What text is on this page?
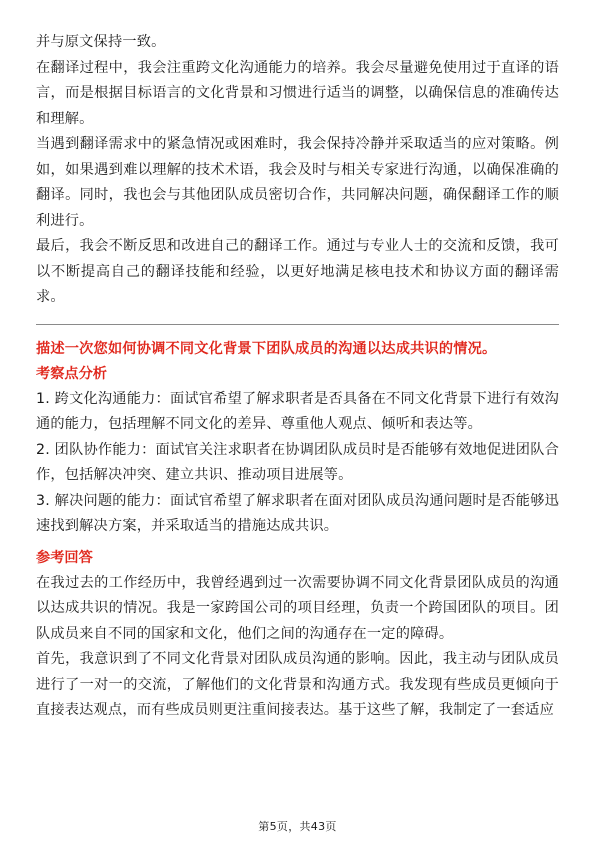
并与原文保持一致。

在翻译过程中，我会注重跨文化沟通能力的培养。我会尽量避免使用过于直译的语言，而是根据目标语言的文化背景和习惯进行适当的调整，以确保信息的准确传达和理解。

当遇到翻译需求中的紧急情况或困难时，我会保持冷静并采取适当的应对策略。例如，如果遇到难以理解的技术术语，我会及时与相关专家进行沟通，以确保准确的翻译。同时，我也会与其他团队成员密切合作，共同解决问题，确保翻译工作的顺利进行。

最后，我会不断反思和改进自己的翻译工作。通过与专业人士的交流和反馈，我可以不断提高自己的翻译技能和经验，以更好地满足核电技术和协议方面的翻译需求。

描述一次您如何协调不同文化背景下团队成员的沟通以达成共识的情况。
考察点分析

1. 跨文化沟通能力：面试官希望了解求职者是否具备在不同文化背景下进行有效沟通的能力，包括理解不同文化的差异、尊重他人观点、倾听和表达等。

2. 团队协作能力：面试官关注求职者在协调团队成员时是否能够有效地促进团队合作，包括解决冲突、建立共识、推动项目进展等。

3. 解决问题的能力：面试官希望了解求职者在面对团队成员沟通问题时是否能够迅速找到解决方案，并采取适当的措施达成共识。

参考回答

在我过去的工作经历中，我曾经遇到过一次需要协调不同文化背景团队成员的沟通以达成共识的情况。我是一家跨国公司的项目经理，负责一个跨国团队的项目。团队成员来自不同的国家和文化，他们之间的沟通存在一定的障碍。

首先，我意识到了不同文化背景对团队成员沟通的影响。因此，我主动与团队成员进行了一对一的交流，了解他们的文化背景和沟通方式。我发现有些成员更倾向于直接表达观点，而有些成员则更注重间接表达。基于这些了解，我制定了一套适应

第5页，共43页
